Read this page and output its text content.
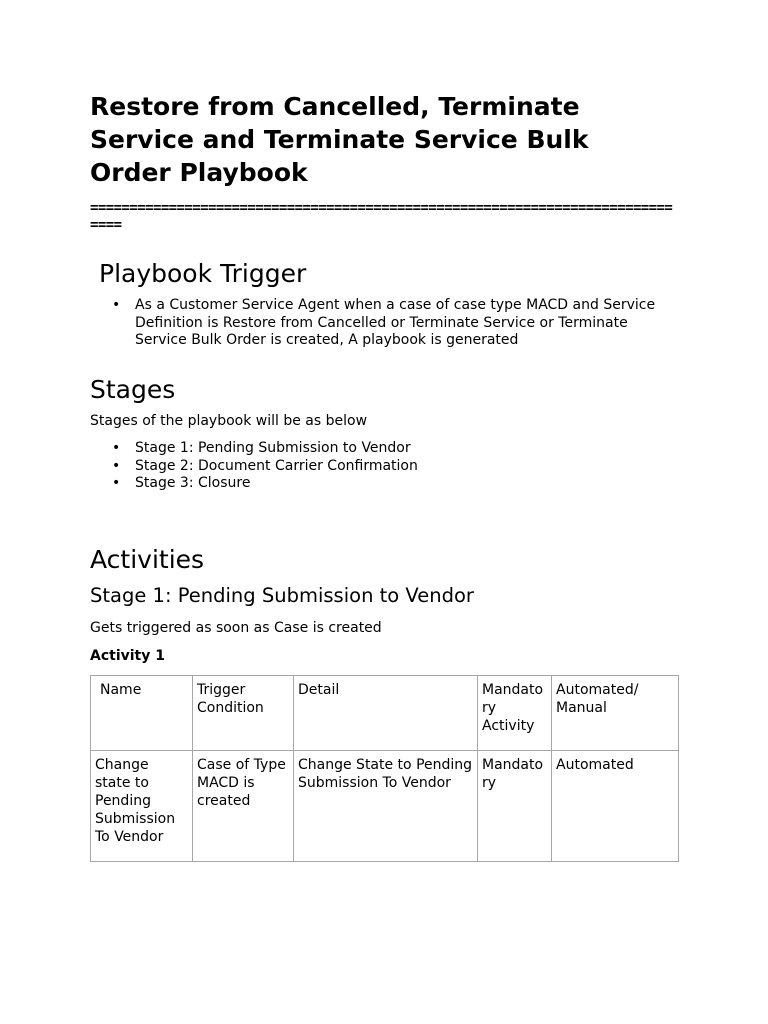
Restore from Cancelled, Terminate Service and Terminate Service Bulk Order Playbook
==============================================================================
Playbook Trigger
• As a Customer Service Agent when a case of case type MACD and Service Definition is Restore from Cancelled or Terminate Service or Terminate Service Bulk Order is created, A playbook is generated
Stages

Stages of the playbook will be as below

• Stage 1: Pending Submission to Vendor
• Stage 2: Document Carrier Confirmation
• Stage 3: Closure
Activities
Stage 1: Pending Submission to Vendor

Gets triggered as soon as Case is created

Activity 1

Name	Trigger Condition	Detail	Mandatory Activity	Automated/ Manual
Change state to Pending Submission To Vendor	Case of Type MACD is created	Change State to Pending Submission To Vendor	Mandatory	Automated
